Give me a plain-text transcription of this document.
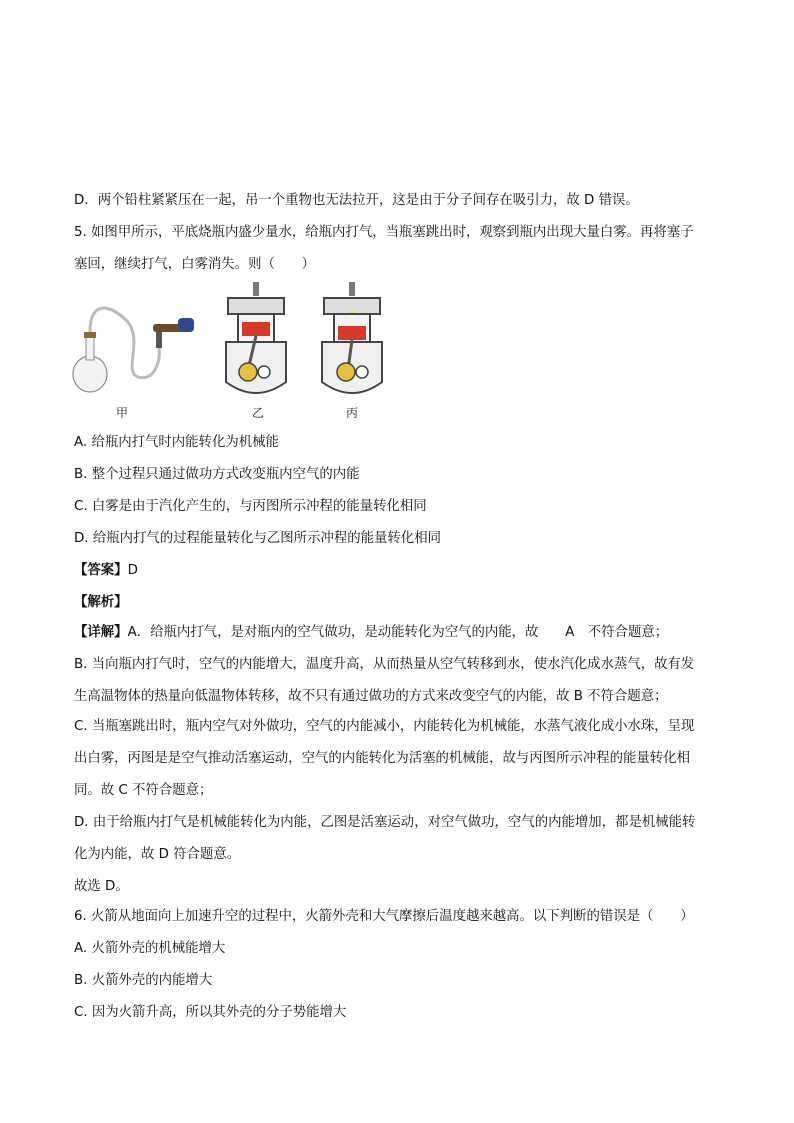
D．两个铅柱紧紧压在一起，吊一个重物也无法拉开，这是由于分子间存在吸引力，故 D 错误。
5. 如图甲所示，平底烧瓶内盛少量水，给瓶内打气，当瓶塞跳出时，观察到瓶内出现大量白雾。再将塞子
塞回，继续打气，白雾消失。则（　　）
甲	乙	丙
A. 给瓶内打气时内能转化为机械能
B. 整个过程只通过做功方式改变瓶内空气的内能
C. 白雾是由于汽化产生的，与丙图所示冲程的能量转化相同
D. 给瓶内打气的过程能量转化与乙图所示冲程的能量转化相同
【答案】D
【解析】
【详解】A．给瓶内打气，是对瓶内的空气做功，是动能转化为空气的内能，故　　A　不符合题意；
B. 当向瓶内打气时，空气的内能增大，温度升高，从而热量从空气转移到水，使水汽化成水蒸气，故有发
生高温物体的热量向低温物体转移，故不只有通过做功的方式来改变空气的内能，故 B 不符合题意；
C. 当瓶塞跳出时，瓶内空气对外做功，空气的内能减小，内能转化为机械能，水蒸气液化成小水珠，呈现
出白雾，丙图是是空气推动活塞运动，空气的内能转化为活塞的机械能，故与丙图所示冲程的能量转化相
同。故 C 不符合题意；
D. 由于给瓶内打气是机械能转化为内能，乙图是活塞运动，对空气做功，空气的内能增加，都是机械能转
化为内能，故 D 符合题意。
故选 D。
6. 火箭从地面向上加速升空的过程中，火箭外壳和大气摩擦后温度越来越高。以下判断的错误是（　　）
A. 火箭外壳的机械能增大
B. 火箭外壳的内能增大
C. 因为火箭升高，所以其外壳的分子势能增大
